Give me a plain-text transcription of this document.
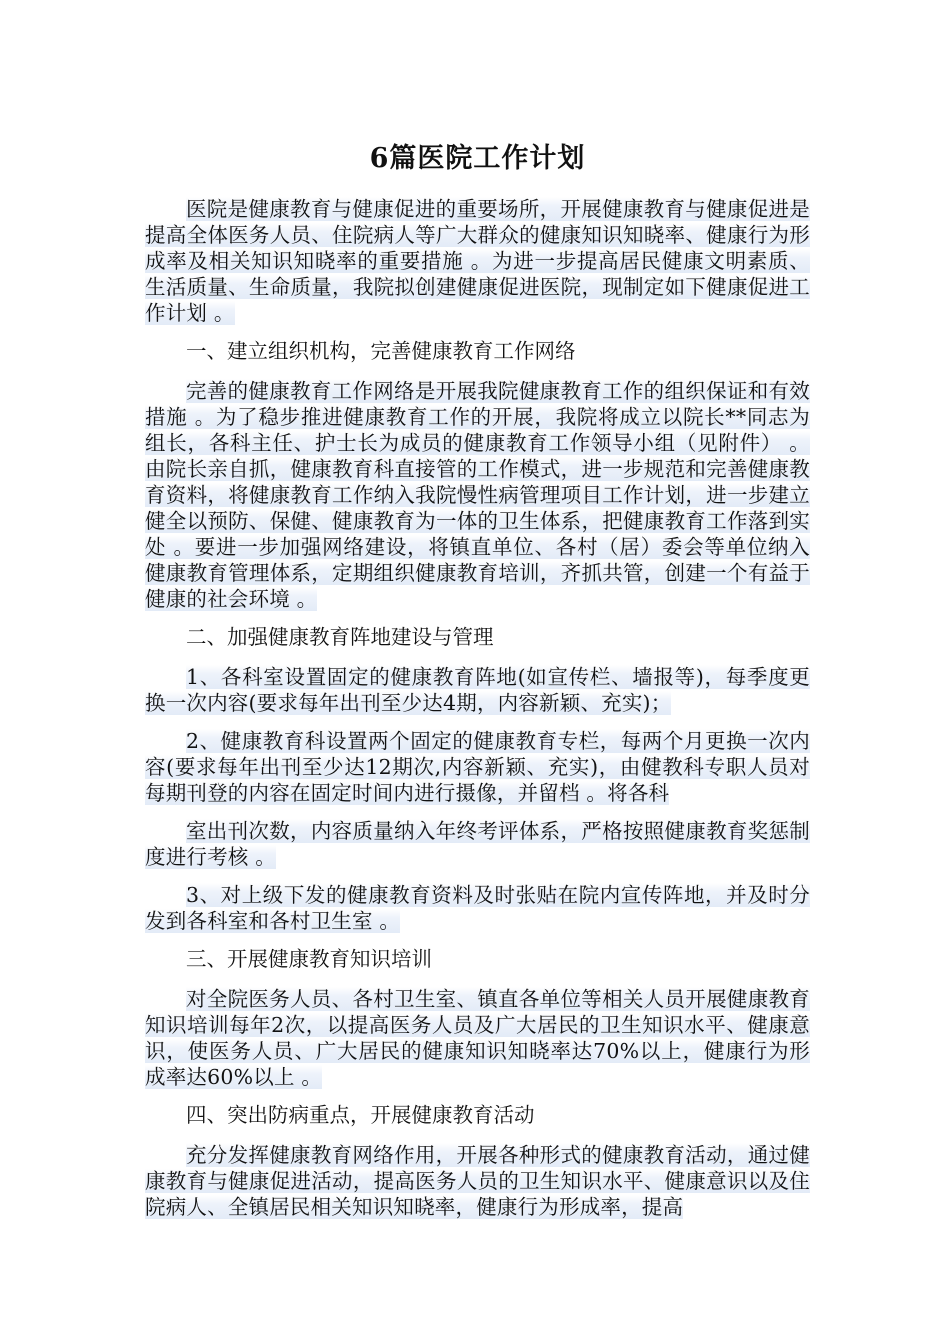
6篇医院工作计划

医院是健康教育与健康促进的重要场所，开展健康教育与健康促进是提高全体医务人员、住院病人等广大群众的健康知识知晓率、健康行为形成率及相关知识知晓率的重要措施 。为进一步提高居民健康文明素质、生活质量、生命质量，我院拟创建健康促进医院，现制定如下健康促进工作计划 。

一、建立组织机构，完善健康教育工作网络

完善的健康教育工作网络是开展我院健康教育工作的组织保证和有效措施 。为了稳步推进健康教育工作的开展，我院将成立以院长**同志为组长，各科主任、护士长为成员的健康教育工作领导小组（见附件） 。由院长亲自抓，健康教育科直接管的工作模式，进一步规范和完善健康教育资料，将健康教育工作纳入我院慢性病管理项目工作计划，进一步建立健全以预防、保健、健康教育为一体的卫生体系，把健康教育工作落到实处 。要进一步加强网络建设，将镇直单位、各村（居）委会等单位纳入健康教育管理体系，定期组织健康教育培训，齐抓共管，创建一个有益于健康的社会环境 。

二、加强健康教育阵地建设与管理

1、各科室设置固定的健康教育阵地(如宣传栏、墙报等)，每季度更换一次内容(要求每年出刊至少达4期，内容新颖、充实)；

2、健康教育科设置两个固定的健康教育专栏，每两个月更换一次内容(要求每年出刊至少达12期次,内容新颖、充实)，由健教科专职人员对每期刊登的内容在固定时间内进行摄像，并留档 。将各科

室出刊次数，内容质量纳入年终考评体系，严格按照健康教育奖惩制度进行考核 。

3、对上级下发的健康教育资料及时张贴在院内宣传阵地，并及时分发到各科室和各村卫生室 。

三、开展健康教育知识培训

对全院医务人员、各村卫生室、镇直各单位等相关人员开展健康教育知识培训每年2次，以提高医务人员及广大居民的卫生知识水平、健康意识，使医务人员、广大居民的健康知识知晓率达70%以上，健康行为形成率达60%以上 。

四、突出防病重点，开展健康教育活动

充分发挥健康教育网络作用，开展各种形式的健康教育活动，通过健康教育与健康促进活动，提高医务人员的卫生知识水平、健康意识以及住院病人、全镇居民相关知识知晓率，健康行为形成率，提高
